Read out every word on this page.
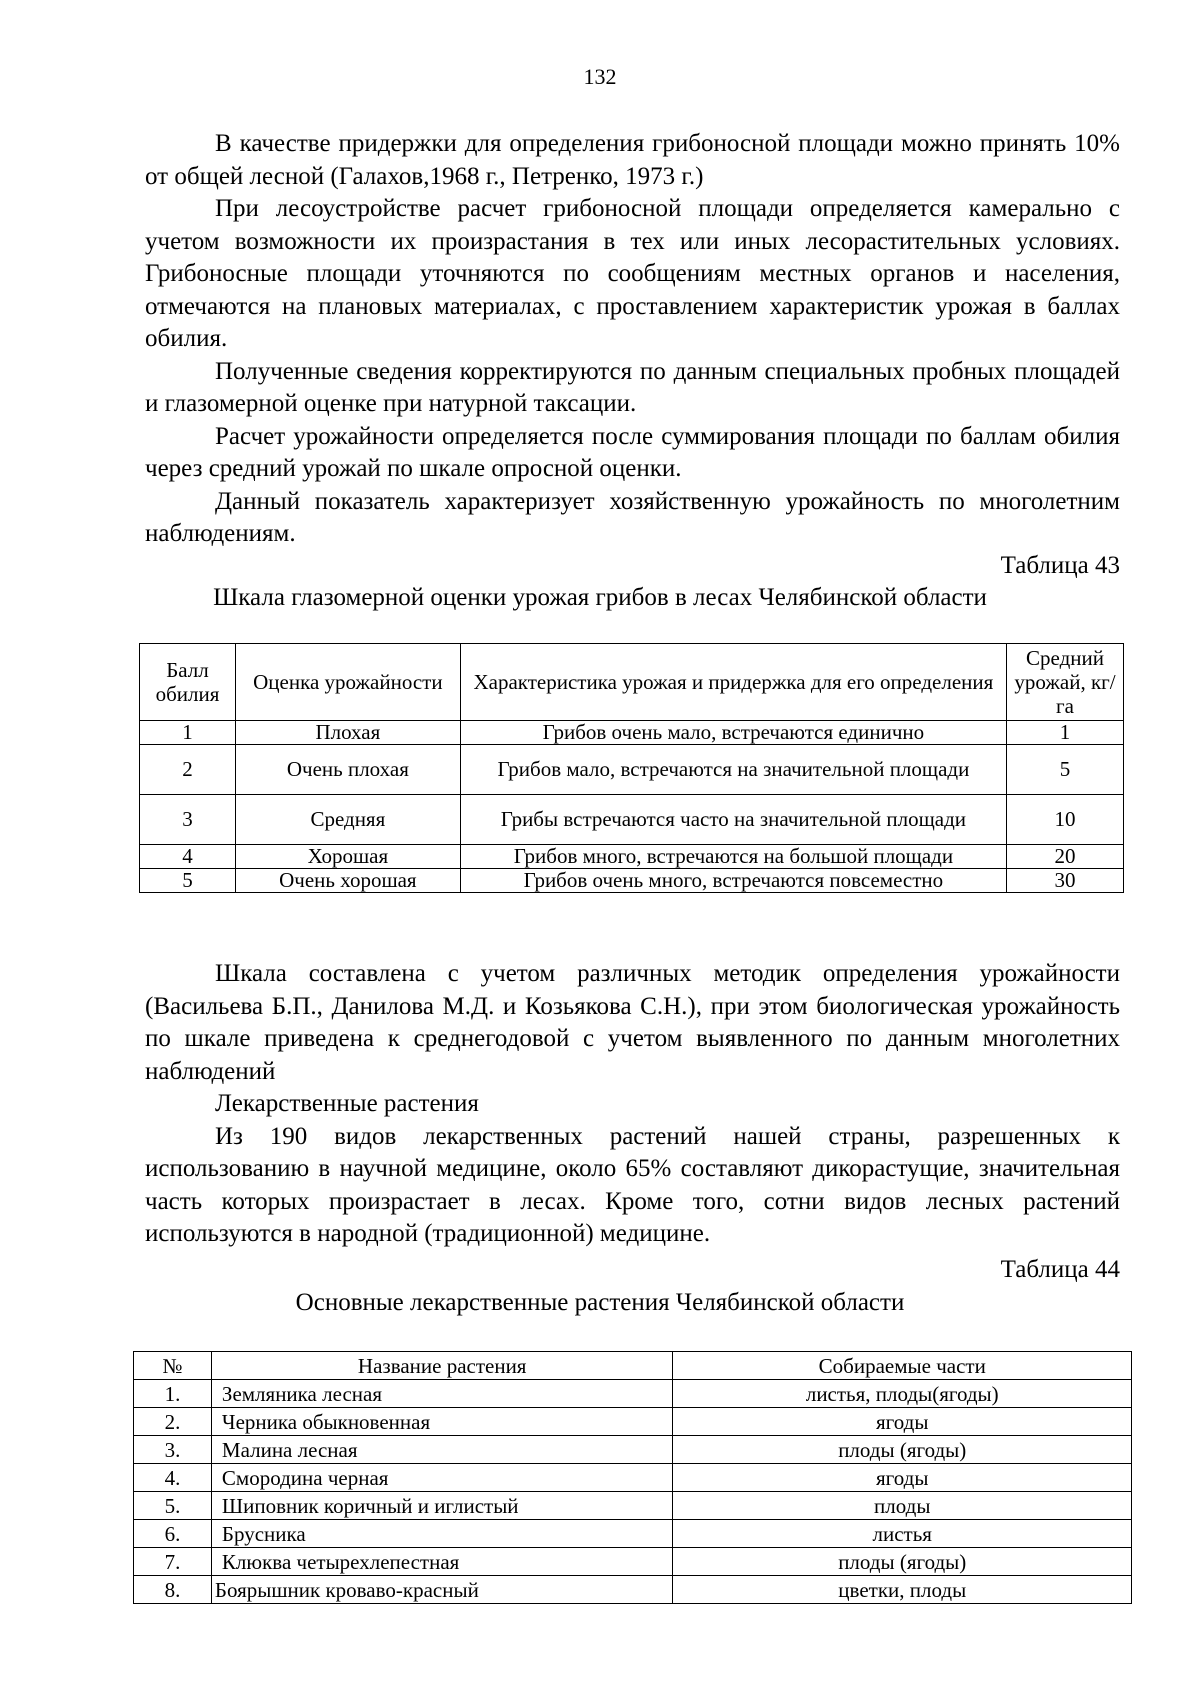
132

В качестве придержки для определения грибоносной площади можно принять 10% от общей лесной (Галахов,1968 г., Петренко, 1973 г.)

При лесоустройстве расчет грибоносной площади определяется камерально с учетом возможности их произрастания в тех или иных лесорастительных условиях. Грибоносные площади уточняются по сообщениям местных органов и населения, отмечаются на плановых материалах, с проставлением характеристик урожая в баллах обилия.

Полученные сведения корректируются по данным специальных пробных площадей и глазомерной оценке при натурной таксации.

Расчет урожайности определяется после суммирования площади по баллам обилия через средний урожай по шкале опросной оценки.

Данный показатель характеризует хозяйственную урожайность по многолетним наблюдениям.

Таблица 43
Шкала глазомерной оценки урожая грибов в лесах Челябинской области
Балл обилия	Оценка урожайности	Характеристика урожая и придержка для его определения	Средний урожай, кг/га
1	Плохая	Грибов очень мало, встречаются единично	1
2	Очень плохая	Грибов мало, встречаются на значительной площади	5
3	Средняя	Грибы встречаются часто на значительной площади	10
4	Хорошая	Грибов много, встречаются на большой площади	20
5	Очень хорошая	Грибов очень много, встречаются повсеместно	30

Шкала составлена с учетом различных методик определения урожайности (Васильева Б.П., Данилова М.Д. и Козьякова С.Н.), при этом биологическая урожайность по шкале приведена к среднегодовой с учетом выявленного по данным многолетних наблюдений

Лекарственные растения

Из 190 видов лекарственных растений нашей страны, разрешенных к использованию в научной медицине, около 65% составляют дикорастущие, значительная часть которых произрастает в лесах. Кроме того, сотни видов лесных растений используются в народной (традиционной) медицине.

Таблица 44
Основные лекарственные растения Челябинской области
№	Название растения	Собираемые части
1.	Земляника лесная	листья, плоды(ягоды)
2.	Черника обыкновенная	ягоды
3.	Малина лесная	плоды (ягоды)
4.	Смородина черная	ягоды
5.	Шиповник коричный и иглистый	плоды
6.	Брусника	листья
7.	Клюква четырехлепестная	плоды (ягоды)
8.	Боярышник кроваво-красный	цветки, плоды
